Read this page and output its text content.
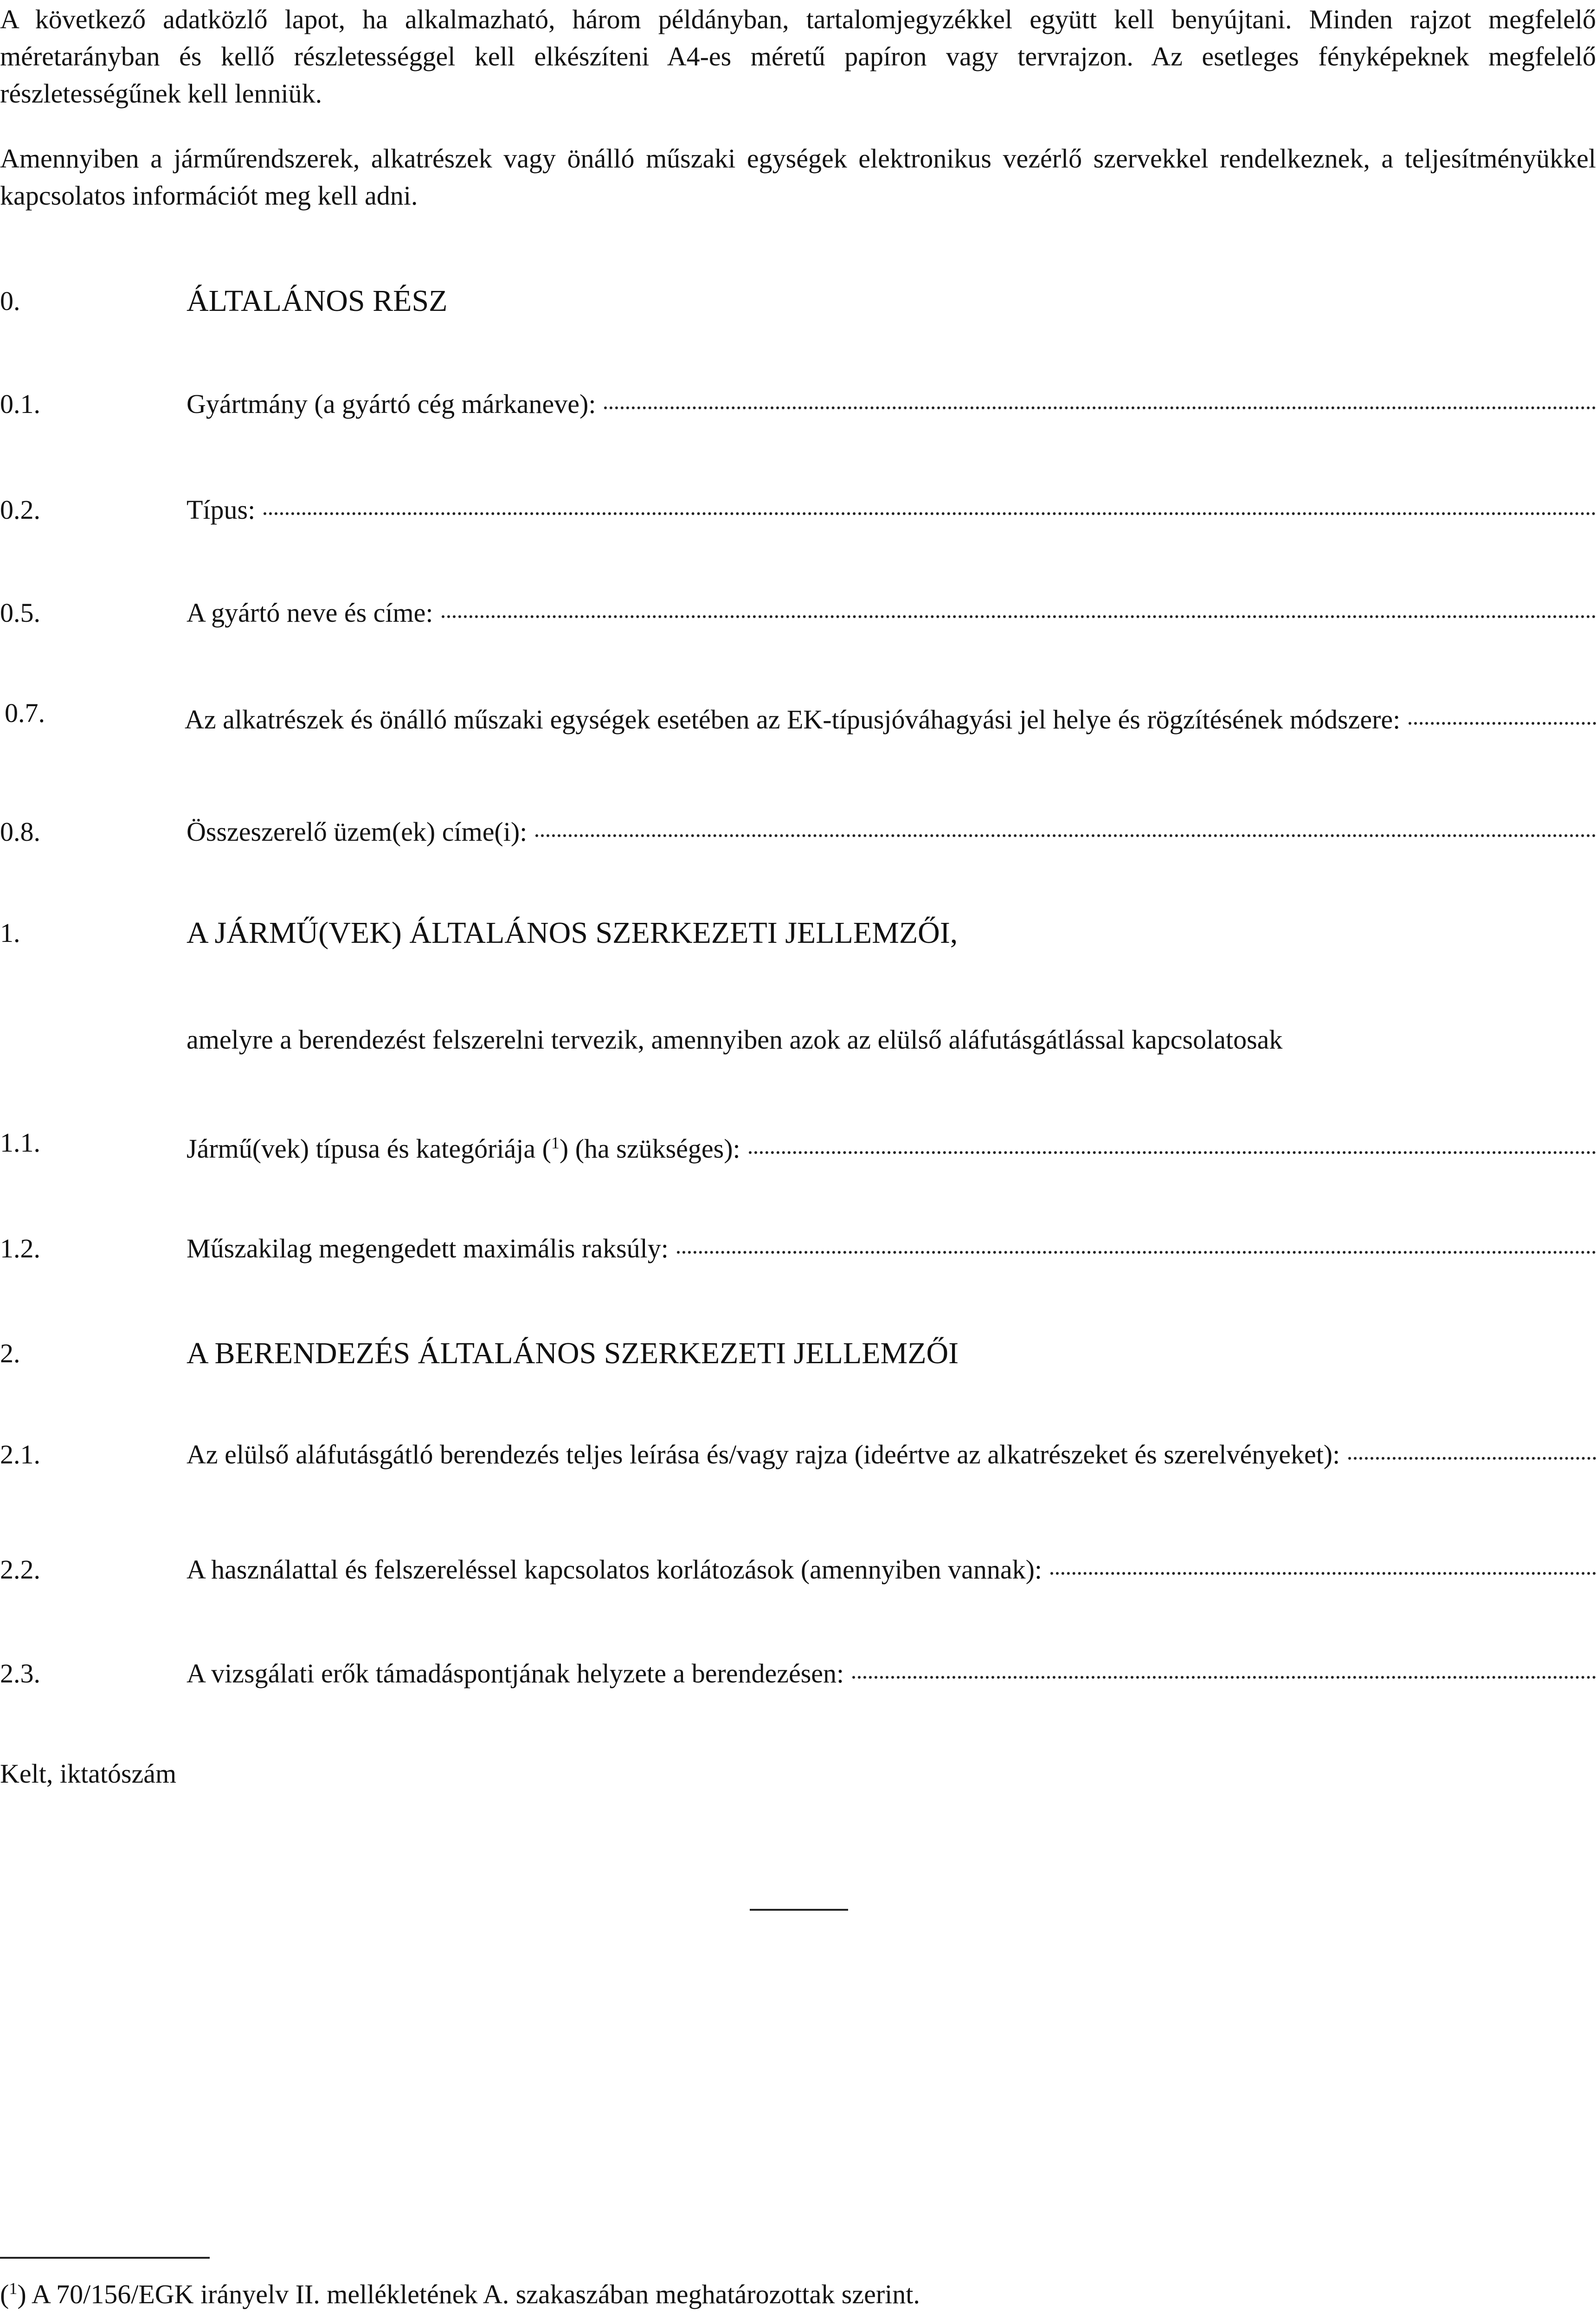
A következő adatközlő lapot, ha alkalmazható, három példányban, tartalomjegyzékkel együtt kell benyújtani. Minden rajzot megfelelő méretarányban és kellő részletességgel kell elkészíteni A4-es méretű papíron vagy tervrajzon. Az esetleges fényképeknek megfelelő részletességűnek kell lenniük.

Amennyiben a járműrendszerek, alkatrészek vagy önálló műszaki egységek elektronikus vezérlő szervekkel rendelkeznek, a teljesítményükkel kapcsolatos információt meg kell adni.

0.	ÁLTALÁNOS RÉSZ
0.1.	Gyártmány (a gyártó cég márkaneve):
0.2.	Típus:
0.5.	A gyártó neve és címe:
0.7.	Az alkatrészek és önálló műszaki egységek esetében az EK-típusjóváhagyási jel helye és rögzítésének módszere:
0.8.	Összeszerelő üzem(ek) címe(i):
1.	A JÁRMŰ(VEK) ÁLTALÁNOS SZERKEZETI JELLEMZŐI,
amelyre a berendezést felszerelni tervezik, amennyiben azok az elülső aláfutásgátlással kapcsolatosak
1.1.	Jármű(vek) típusa és kategóriája ($^1$) (ha szükséges):
1.2.	Műszakilag megengedett maximális raksúly:
2.	A BERENDEZÉS ÁLTALÁNOS SZERKEZETI JELLEMZŐI
2.1.	Az elülső aláfutásgátló berendezés teljes leírása és/vagy rajza (ideértve az alkatrészeket és szerelvényeket):
2.2.	A használattal és felszereléssel kapcsolatos korlátozások (amennyiben vannak):
2.3.	A vizsgálati erők támadáspontjának helyzete a berendezésen:
Kelt, iktatószám
($^1$) A 70/156/EGK irányelv II. mellékletének A. szakaszában meghatározottak szerint.
